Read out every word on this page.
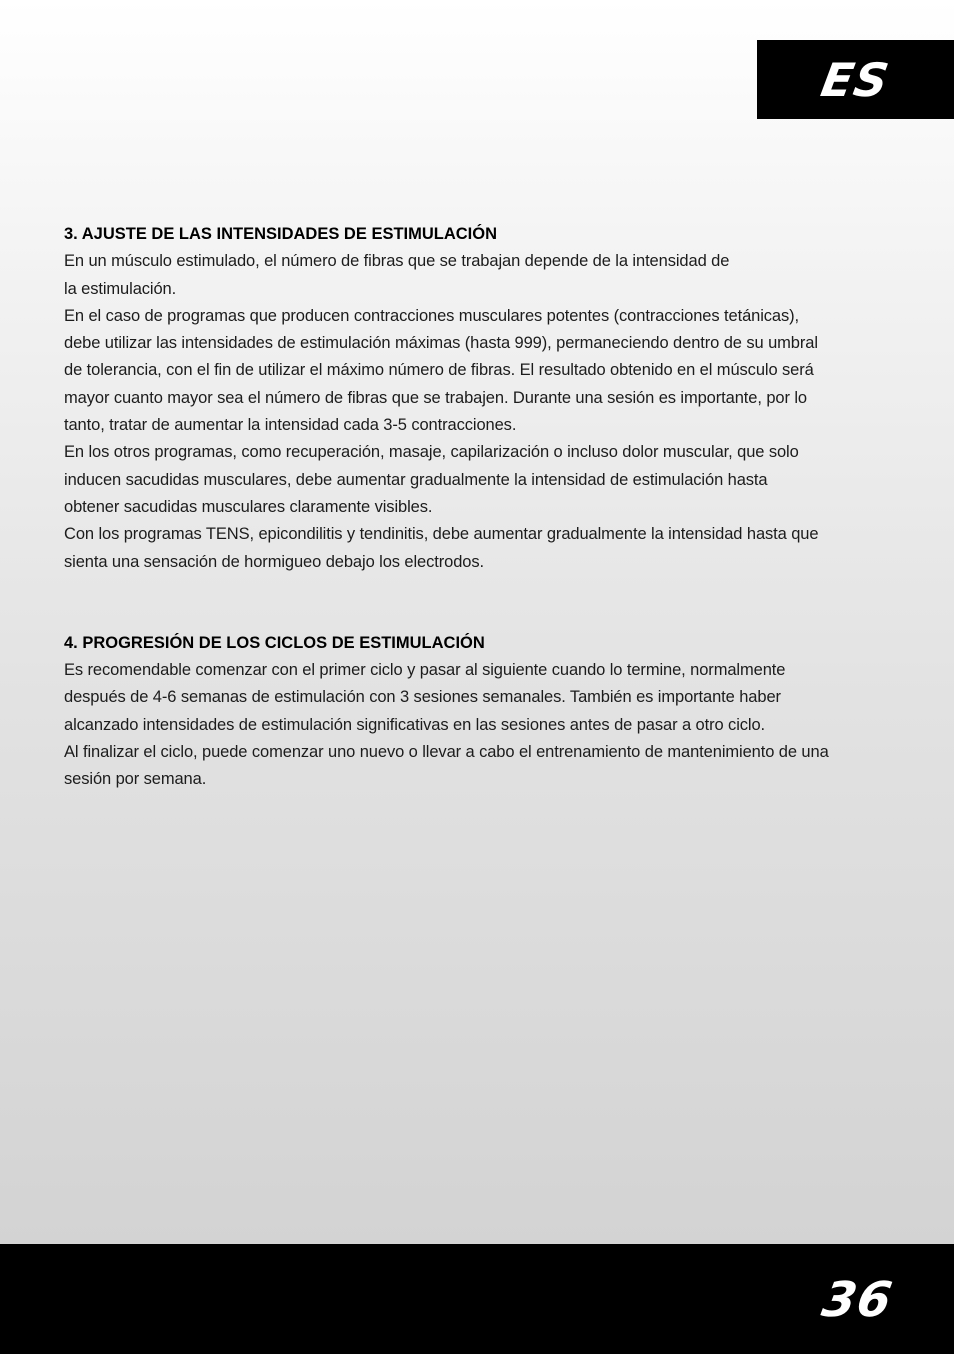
ES
3. AJUSTE DE LAS INTENSIDADES DE ESTIMULACIÓN

En un músculo estimulado, el número de fibras que se trabajan depende de la intensidad de

la estimulación.

En el caso de programas que producen contracciones musculares potentes (contracciones tetánicas),

debe utilizar las intensidades de estimulación máximas (hasta 999), permaneciendo dentro de su umbral

de tolerancia, con el fin de utilizar el máximo número de fibras. El resultado obtenido en el músculo será

mayor cuanto mayor sea el número de fibras que se trabajen. Durante una sesión es importante, por lo

tanto, tratar de aumentar la intensidad cada 3-5 contracciones.

En los otros programas, como recuperación, masaje, capilarización o incluso dolor muscular, que solo

inducen sacudidas musculares, debe aumentar gradualmente la intensidad de estimulación hasta

obtener sacudidas musculares claramente visibles.

Con los programas TENS, epicondilitis y tendinitis, debe aumentar gradualmente la intensidad hasta que

sienta una sensación de hormigueo debajo los electrodos.

4. PROGRESIÓN DE LOS CICLOS DE ESTIMULACIÓN

Es recomendable comenzar con el primer ciclo y pasar al siguiente cuando lo termine, normalmente

después de 4-6 semanas de estimulación con 3 sesiones semanales. También es importante haber

alcanzado intensidades de estimulación significativas en las sesiones antes de pasar a otro ciclo.

Al finalizar el ciclo, puede comenzar uno nuevo o llevar a cabo el entrenamiento de mantenimiento de una

sesión por semana.

36
